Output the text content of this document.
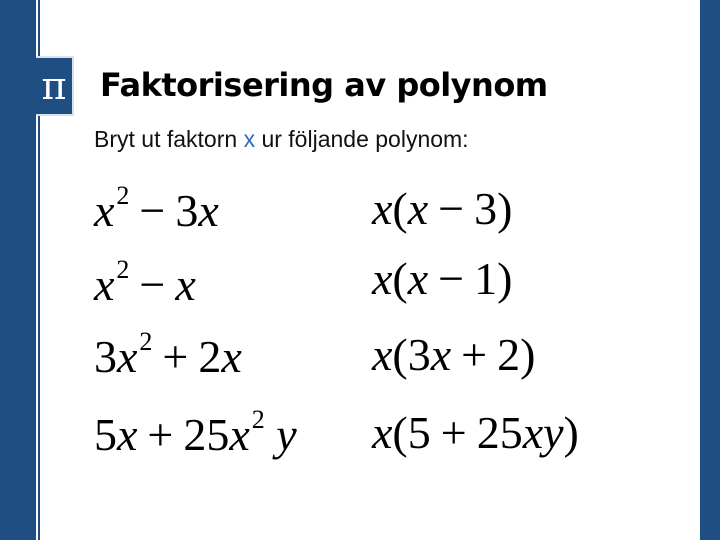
π Faktorisering av polynom
Bryt ut faktorn x ur följande polynom:
$x^2 - 3x$
$x^2 - x$
$3x^2 + 2x$
$5x + 25x^2$ y
x(x − 3)
x(x − 1)
x(3x + 2)
x(5 + 25xy)
